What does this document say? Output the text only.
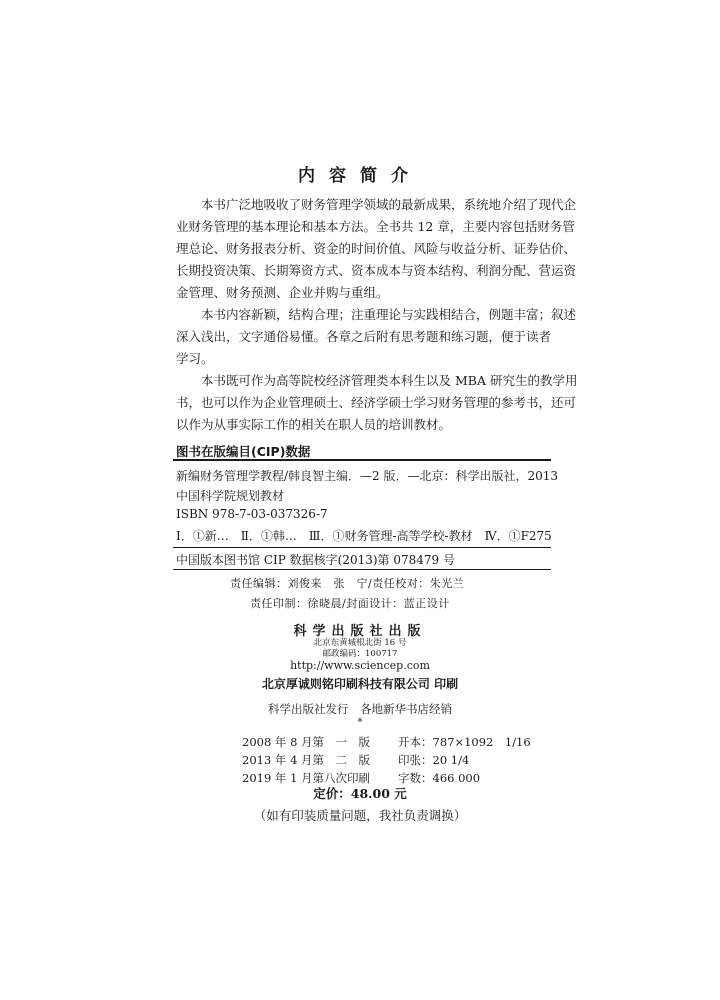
内容简介
　　本书广泛地吸收了财务管理学领域的最新成果，系统地介绍了现代企
业财务管理的基本理论和基本方法。全书共 12 章，主要内容包括财务管
理总论、财务报表分析、资金的时间价值、风险与收益分析、证券估价、
长期投资决策、长期筹资方式、资本成本与资本结构、利润分配、营运资
金管理、财务预测、企业并购与重组。
　　本书内容新颖，结构合理；注重理论与实践相结合，例题丰富；叙述
深入浅出，文字通俗易懂。各章之后附有思考题和练习题，便于读者
学习。
　　本书既可作为高等院校经济管理类本科生以及 MBA 研究生的教学用
书，也可以作为企业管理硕士、经济学硕士学习财务管理的参考书，还可
以作为从事实际工作的相关在职人员的培训教材。
图书在版编目(CIP)数据
新编财务管理学教程/韩良智主编．—2 版．—北京：科学出版社，2013
中国科学院规划教材
ISBN 978-7-03-037326-7
Ⅰ．①新…　Ⅱ．①韩…　Ⅲ．①财务管理-高等学校-教材　Ⅳ．①F275
中国版本图书馆 CIP 数据核字(2013)第 078479 号
责任编辑：刘俊来　张　宁/责任校对：朱光兰
责任印制：徐晓晨/封面设计：蓝正设计
科学出版社出版
北京东黄城根北街 16 号
邮政编码：100717
http://www.sciencep.com
北京厚诚则铭印刷科技有限公司 印刷
科学出版社发行　各地新华书店经销
*
2008 年 8 月第　一　版 开本：787×1092　1/16
2013 年 4 月第　二　版 印张：20 1/4
2019 年 1 月第八次印刷 字数：466 000
定价：48.00 元
（如有印装质量问题，我社负责调换）
